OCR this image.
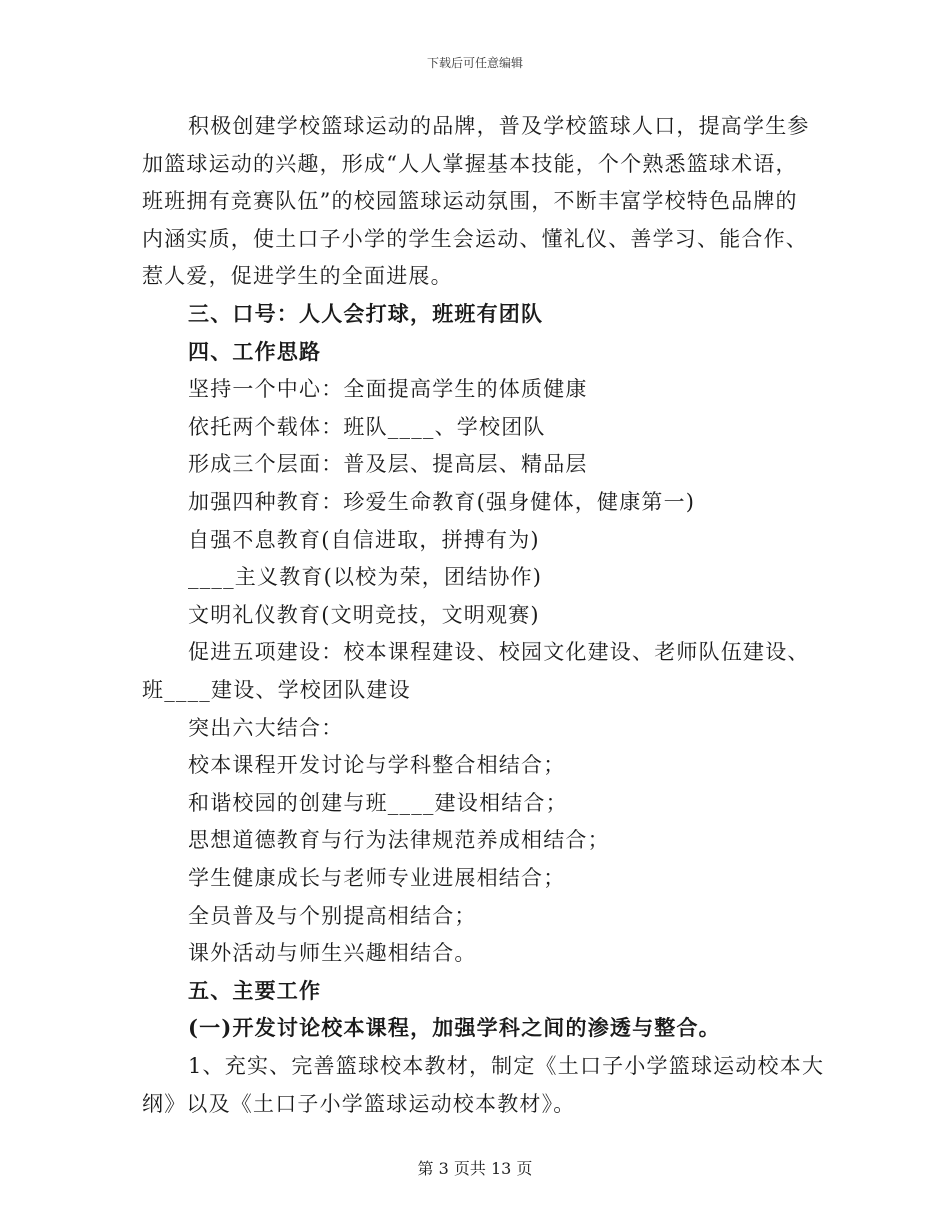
下载后可任意编辑
积极创建学校篮球运动的品牌，普及学校篮球人口，提高学生参
加篮球运动的兴趣，形成“人人掌握基本技能，个个熟悉篮球术语，
班班拥有竞赛队伍”的校园篮球运动氛围，不断丰富学校特色品牌的
内涵实质，使土口子小学的学生会运动、懂礼仪、善学习、能合作、
惹人爱，促进学生的全面进展。
三、口号：人人会打球，班班有团队
四、工作思路
坚持一个中心：全面提高学生的体质健康
依托两个载体：班队____、学校团队
形成三个层面：普及层、提高层、精品层
加强四种教育：珍爱生命教育(强身健体，健康第一)
自强不息教育(自信进取，拼搏有为)
____主义教育(以校为荣，团结协作)
文明礼仪教育(文明竞技，文明观赛)
促进五项建设：校本课程建设、校园文化建设、老师队伍建设、
班____建设、学校团队建设
突出六大结合：
校本课程开发讨论与学科整合相结合；
和谐校园的创建与班____建设相结合；
思想道德教育与行为法律规范养成相结合；
学生健康成长与老师专业进展相结合；
全员普及与个别提高相结合；
课外活动与师生兴趣相结合。
五、主要工作
(一)开发讨论校本课程，加强学科之间的渗透与整合。
1、充实、完善篮球校本教材，制定《土口子小学篮球运动校本大
纲》以及《土口子小学篮球运动校本教材》。
第 3 页共 13 页
